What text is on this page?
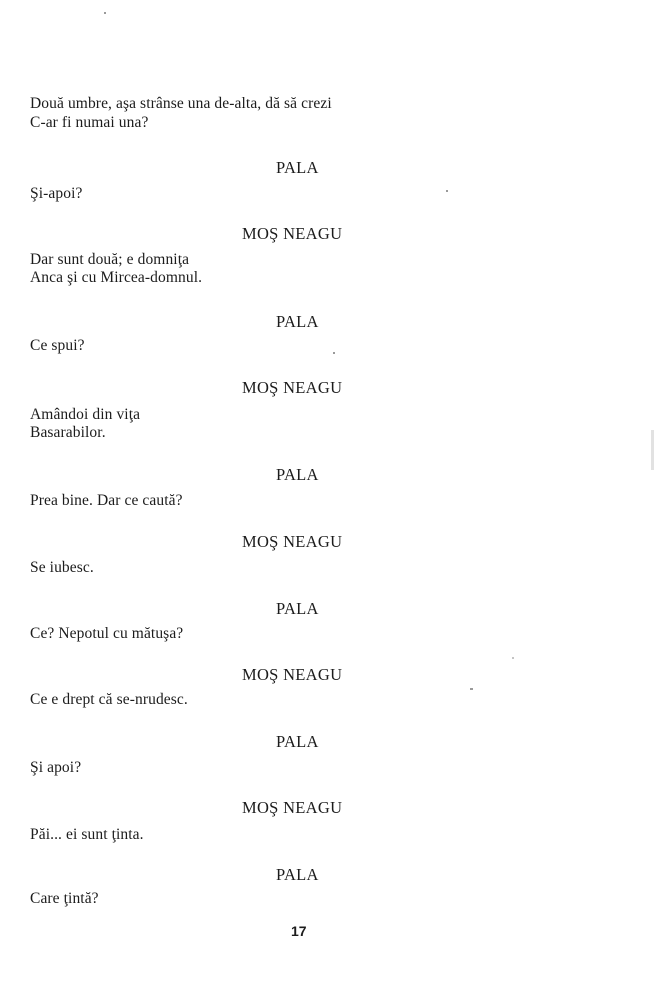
Două umbre, aşa strânse una de-alta, dă să crezi
C-ar fi numai una?
PALA
Şi-apoi?
MOŞ NEAGU
Dar sunt două; e domniţa
Anca şi cu Mircea-domnul.
PALA
Ce spui?
MOŞ NEAGU
Amândoi din viţa
Basarabilor.
PALA
Prea bine. Dar ce caută?
MOŞ NEAGU
Se iubesc.
PALA
Ce? Nepotul cu mătuşa?
MOŞ NEAGU
Ce e drept că se-nrudesc.
PALA
Şi apoi?
MOŞ NEAGU
Păi... ei sunt ţinta.
PALA
Care ţintă?
17
